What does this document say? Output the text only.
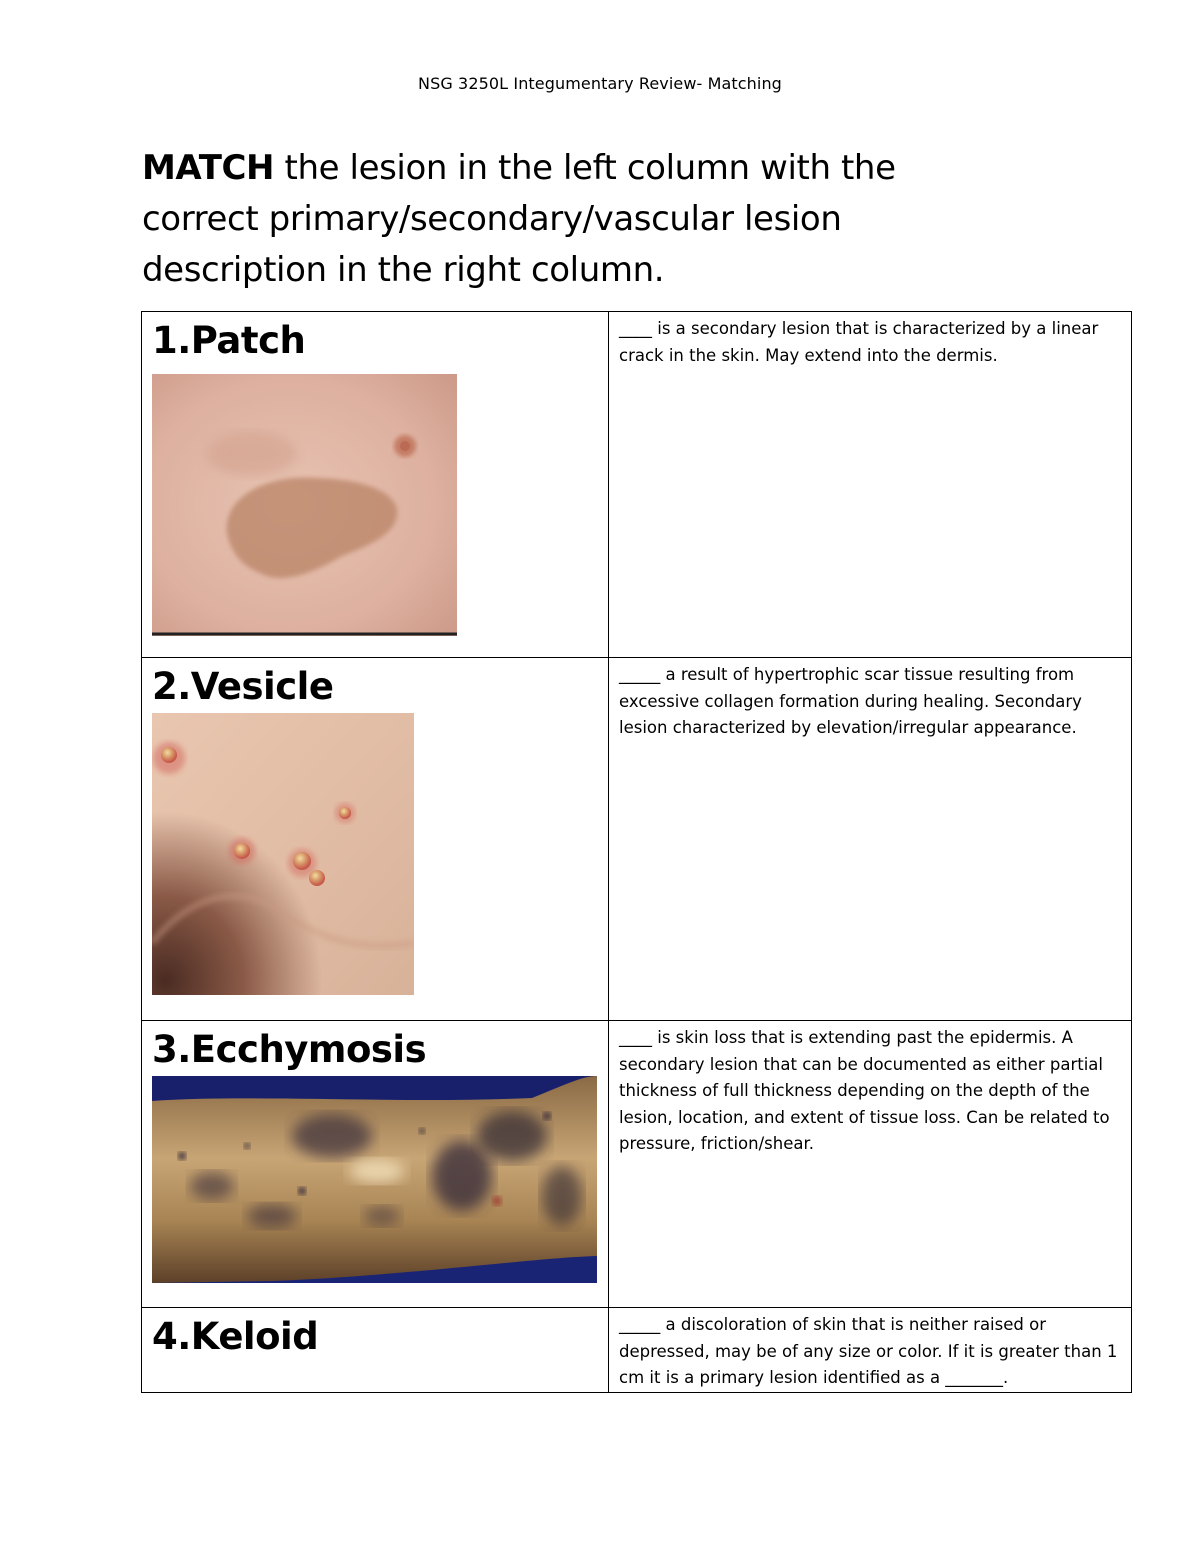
NSG 3250L Integumentary Review- Matching
MATCH the lesion in the left column with the correct primary/secondary/vascular lesion description in the right column.
1.Patch	____ is a secondary lesion that is characterized by a linear crack in the skin. May extend into the dermis.

2.Vesicle	_____ a result of hypertrophic scar tissue resulting from excessive collagen formation during healing. Secondary lesion characterized by elevation/irregular appearance.

3.Ecchymosis	____ is skin loss that is extending past the epidermis. A secondary lesion that can be documented as either partial thickness of full thickness depending on the depth of the lesion, location, and extent of tissue loss. Can be related to pressure, friction/shear.

4.Keloid	_____ a discoloration of skin that is neither raised or depressed, may be of any size or color. If it is greater than 1 cm it is a primary lesion identified as a _______.
